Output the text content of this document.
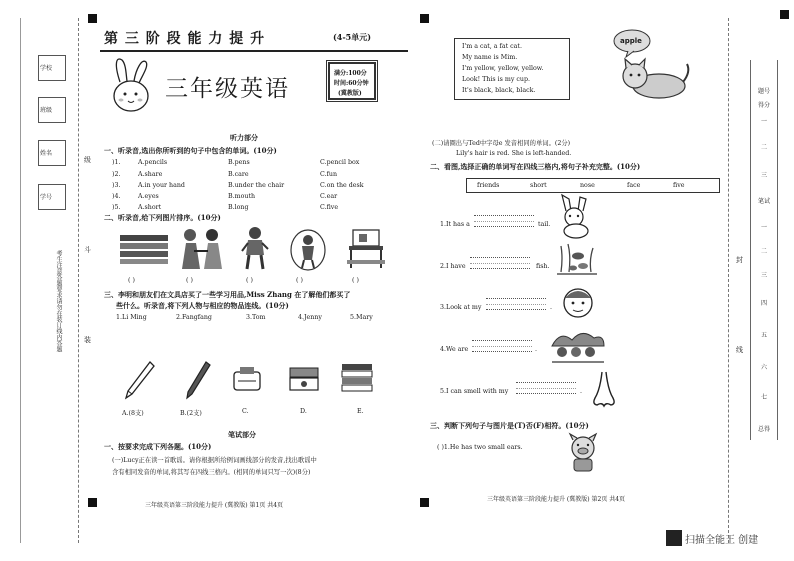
学校
班级
姓名
学号
级
斗
装
考生注意答题要求请勿在装订线内答题
第 三 阶 段 能 力 提 升	(4-5单元)
三年级英语
满分:100分
时间:60分钟
(冀教版)
听力部分
一、听录音,选出你所听到的句子中包含的单词。(10分)
)1.	A.pencils	B.pens	C.pencil box
)2.	A.share	B.care	C.fun
)3.	A.in your hand	B.under the chair	C.on the desk
)4.	A.eyes	B.mouth	C.ear
)5.	A.short	B.long	C.five
二、听录音,给下列图片排序。(10分)
( )	( )	( )	( )	( )
三、李明和朋友们在文具店买了一些学习用品,Miss Zhang 在了解他们都买了
些什么。听录音,将下列人物与相应的物品连线。(10分)
1.Li Ming	2.Fangfang	3.Tom	4.Jenny	5.Mary
A.(8支)	B.(2支)	C.	D.	E.
笔试部分
一、按要求完成下列各题。(10分)
(一)Lucy正在读一首歌谣。请你根据所给例词画线部分的发音,找出歌谣中
含有相同发音的单词,将其写在四线三格内。(相同的单词只写一次)(8分)
三年级英语第三阶段能力提升 (冀教版) 第1页 共4页
I'm a cat, a fat cat.
My name is Mim.
I'm yellow, yellow, yellow.
Look! This is my cup.
It's black, black, black.
apple
(二)请圈出与Ted中字母e 发音相同的单词。(2分)
Lily's hair is red. She is left-handed.
二、看图,选择正确的单词写在四线三格内,将句子补充完整。(10分)
friends	short	nose	face	five
1.It has a	tail.
2.I have	fish.
3.Look at my	.
4.We are	.
5.I can smell with my	.
三、判断下列句子与图片是(T)否(F)相符。(10分)
( )1.He has two small ears.
三年级英语第三阶段能力提升 (冀教版) 第2页 共4页
题号
得分
一
二
三
笔试
一
二
三
四
五
六
七
总得
封
线
扫描全能王 创建
